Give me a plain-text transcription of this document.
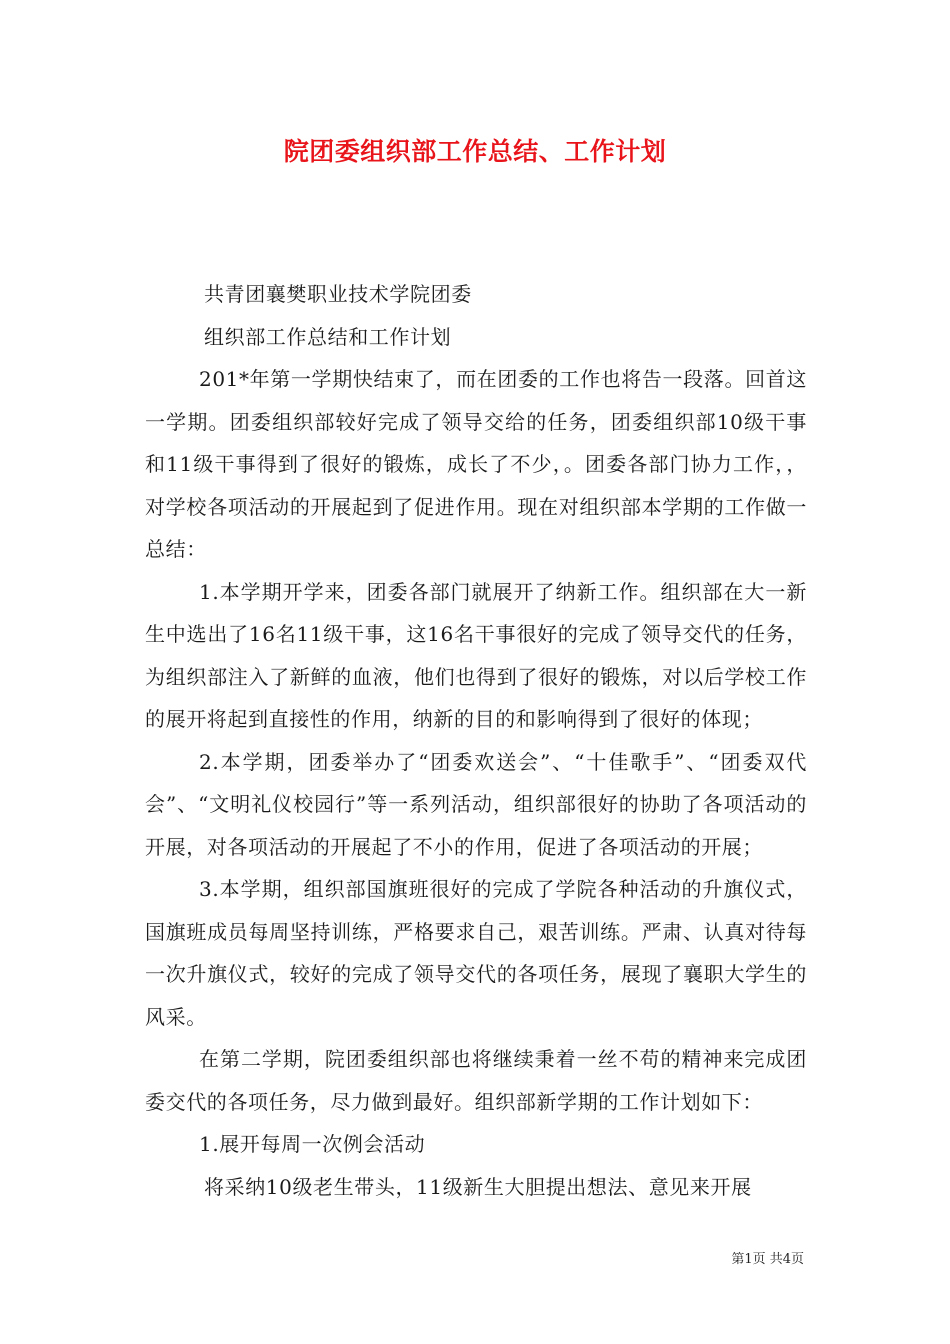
院团委组织部工作总结、工作计划

共青团襄樊职业技术学院团委

组织部工作总结和工作计划

201*年第一学期快结束了，而在团委的工作也将告一段落。回首这一学期。团委组织部较好完成了领导交给的任务，团委组织部10级干事和11级干事得到了很好的锻炼，成长了不少，。团委各部门协力工作，，对学校各项活动的开展起到了促进作用。现在对组织部本学期的工作做一总结：

1.本学期开学来，团委各部门就展开了纳新工作。组织部在大一新生中选出了16名11级干事，这16名干事很好的完成了领导交代的任务，为组织部注入了新鲜的血液，他们也得到了很好的锻炼，对以后学校工作的展开将起到直接性的作用，纳新的目的和影响得到了很好的体现；

2.本学期，团委举办了“团委欢送会”、“十佳歌手”、“团委双代会”、“文明礼仪校园行”等一系列活动，组织部很好的协助了各项活动的开展，对各项活动的开展起了不小的作用，促进了各项活动的开展；

3.本学期，组织部国旗班很好的完成了学院各种活动的升旗仪式，国旗班成员每周坚持训练，严格要求自己，艰苦训练。严肃、认真对待每一次升旗仪式，较好的完成了领导交代的各项任务，展现了襄职大学生的风采。

在第二学期，院团委组织部也将继续秉着一丝不苟的精神来完成团委交代的各项任务，尽力做到最好。组织部新学期的工作计划如下：

1.展开每周一次例会活动

将采纳10级老生带头，11级新生大胆提出想法、意见来开展

第1页 共4页
